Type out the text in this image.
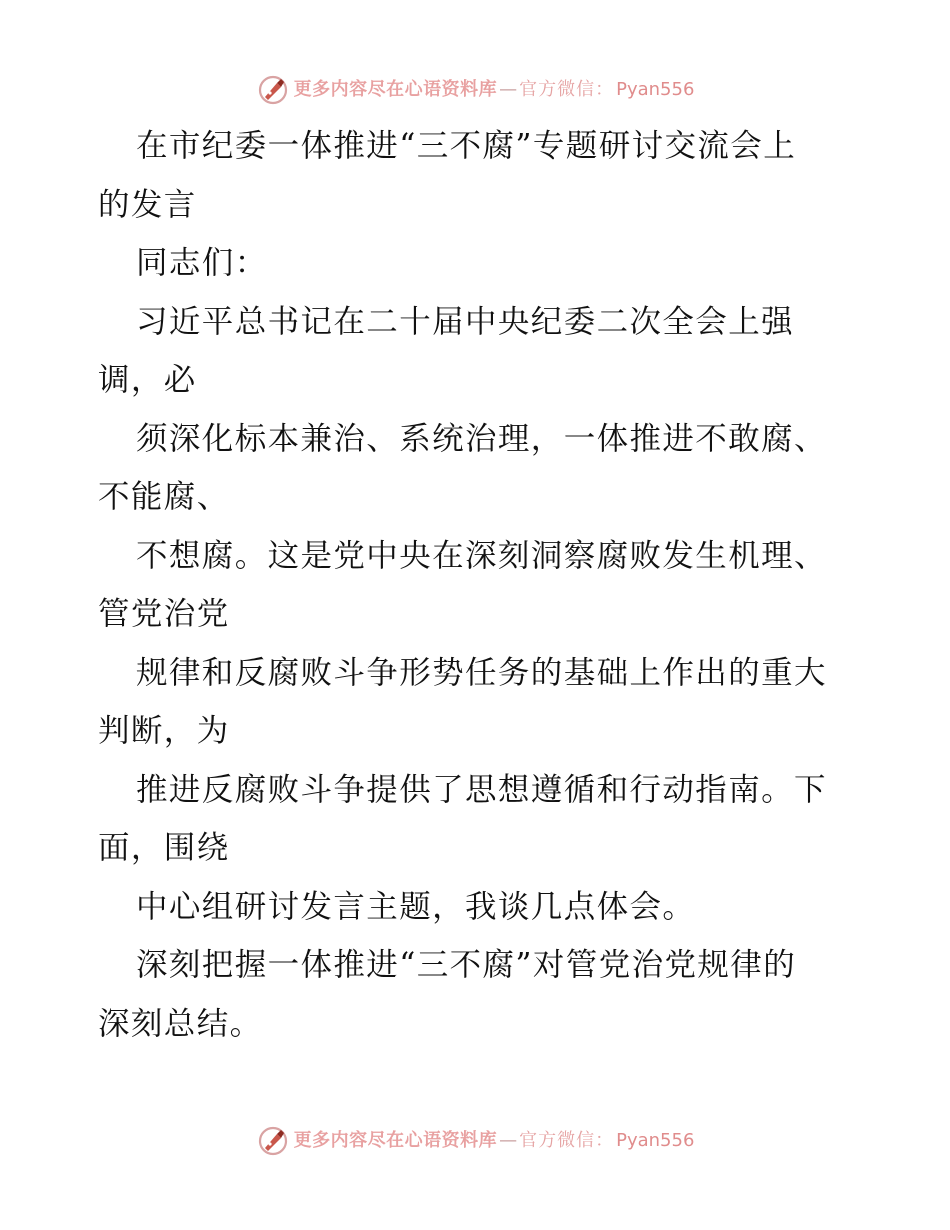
更多内容尽在心语资料库 — 官方微信： Pyan556
在市纪委一体推进“三不腐”专题研讨交流会上
的发言
同志们：
习近平总书记在二十届中央纪委二次全会上强
调，必
须深化标本兼治、系统治理，一体推进不敢腐、
不能腐、
不想腐。这是党中央在深刻洞察腐败发生机理、
管党治党
规律和反腐败斗争形势任务的基础上作出的重大
判断，为
推进反腐败斗争提供了思想遵循和行动指南。下
面，围绕
中心组研讨发言主题，我谈几点体会。
深刻把握一体推进“三不腐”对管党治党规律的
深刻总结。
更多内容尽在心语资料库 — 官方微信： Pyan556
